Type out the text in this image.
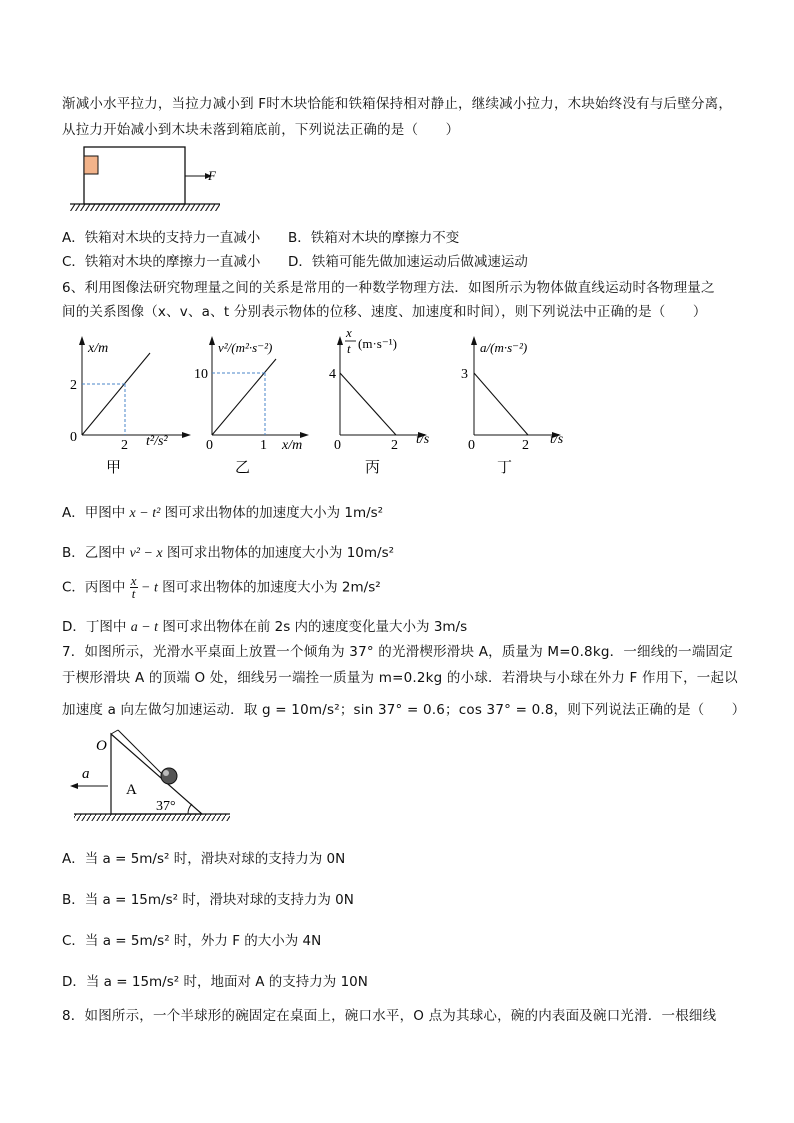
渐减小水平拉力，当拉力减小到 F时木块恰能和铁箱保持相对静止，继续减小拉力，木块始终没有与后壁分离，
从拉力开始减小到木块未落到箱底前，下列说法正确的是（　　）
F
A．铁箱对木块的支持力一直减小 B．铁箱对木块的摩擦力不变
C．铁箱对木块的摩擦力一直减小 D．铁箱可能先做加速运动后做减速运动
6、利用图像法研究物理量之间的关系是常用的一种数学物理方法．如图所示为物体做直线运动时各物理量之
间的关系图像（x、v、a、t 分别表示物体的位移、速度、加速度和时间），则下列说法中正确的是（　　）
x/m
2
0
2 t²/s²
甲
v²/(m²·s⁻²)
10
0	1 x/m
乙
x
t (m·s⁻¹)
4
0	2 t/s
丙
a/(m·s⁻²)
3
0	2 t/s
丁
A．甲图中 x − t² 图可求出物体的加速度大小为 1m/s²
B．乙图中 v² − x 图可求出物体的加速度大小为 10m/s²
C．丙图中 $\frac{x}{t} - t$ 图可求出物体的加速度大小为 2m/s²
D．丁图中 a − t 图可求出物体在前 2s 内的速度变化量大小为 3m/s
7．如图所示，光滑水平桌面上放置一个倾角为 37° 的光滑楔形滑块 A，质量为 M=0.8kg．一细线的一端固定
于楔形滑块 A 的顶端 O 处，细线另一端拴一质量为 m=0.2kg 的小球．若滑块与小球在外力 F 作用下，一起以
加速度 a 向左做匀加速运动．取 g = 10m/s²；sin 37° = 0.6；cos 37° = 0.8，则下列说法正确的是（　　）
O
a
A
37°
A．当 a = 5m/s² 时，滑块对球的支持力为 0N
B．当 a = 15m/s² 时，滑块对球的支持力为 0N
C．当 a = 5m/s² 时，外力 F 的大小为 4N
D．当 a = 15m/s² 时，地面对 A 的支持力为 10N
8．如图所示，一个半球形的碗固定在桌面上，碗口水平，O 点为其球心，碗的内表面及碗口光滑．一根细线
